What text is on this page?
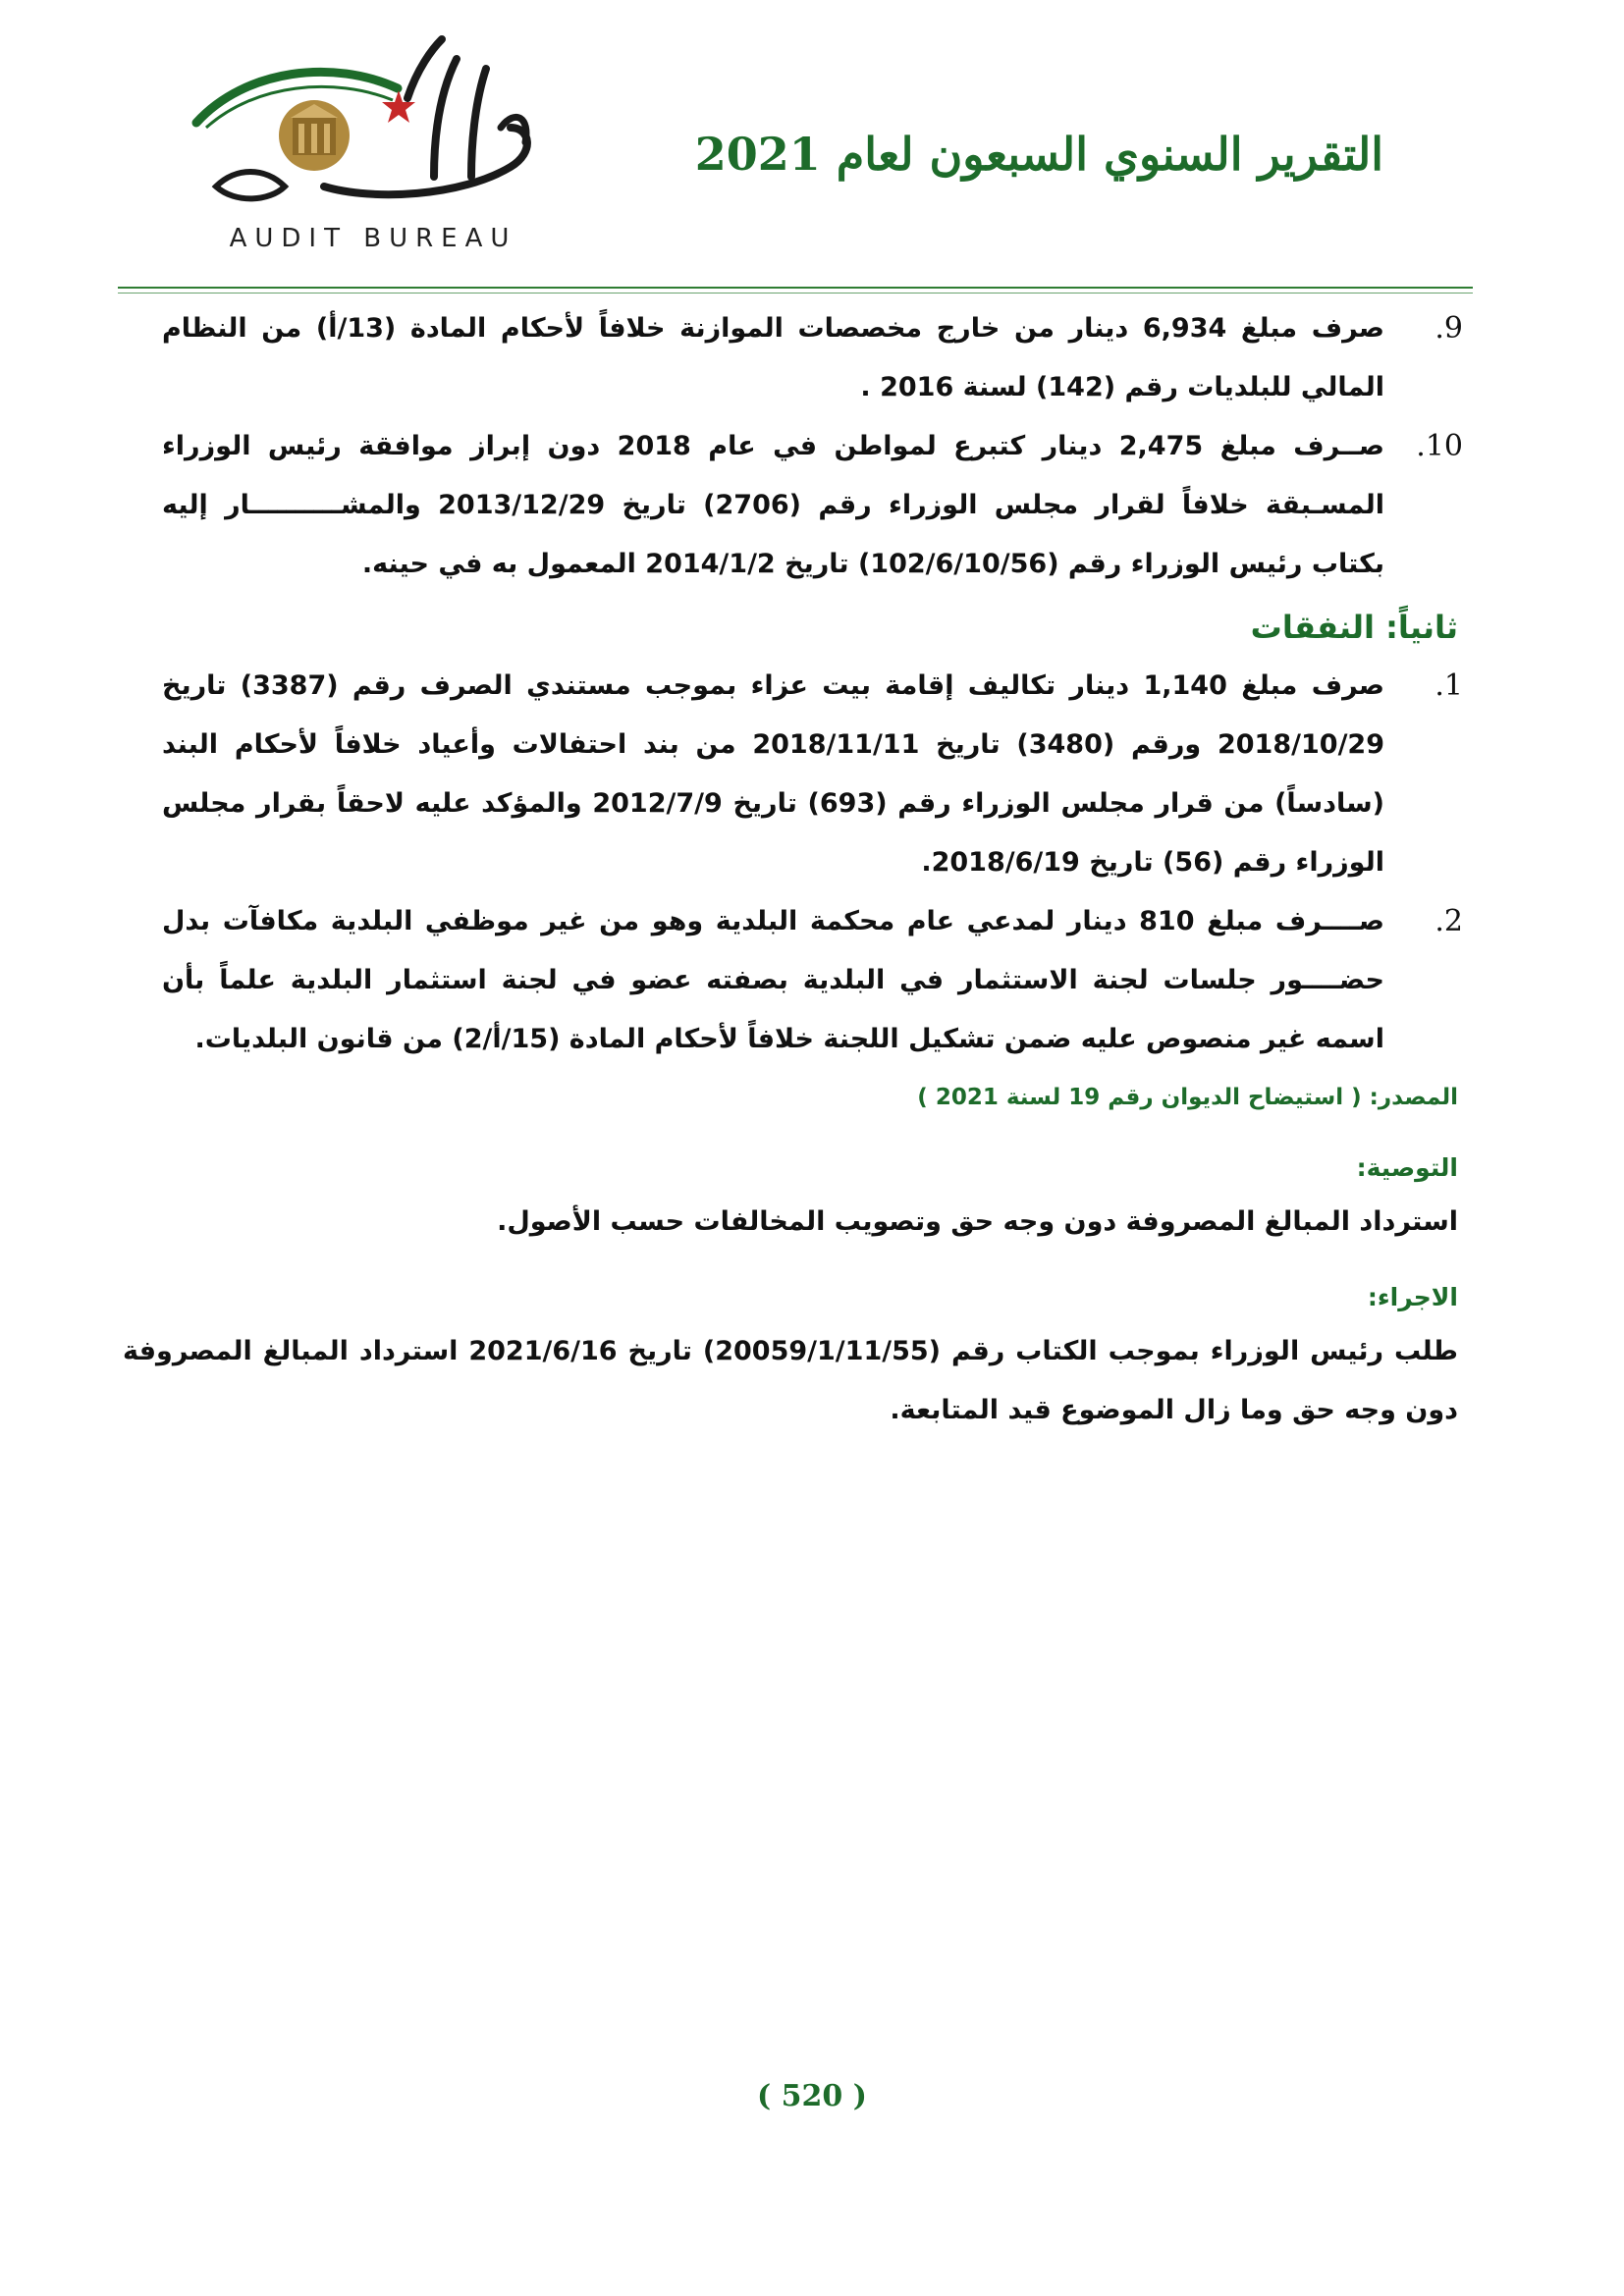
AUDIT BUREAU
التقرير السنوي السبعون لعام 2021
.9
صرف مبلغ 6,934 دينار من خارج مخصصات الموازنة خلافاً لأحكام المادة (13/أ) من النظام المالي للبلديات رقم (142) لسنة 2016 .
.10
صــرف مبلغ 2,475 دينار كتبرع لمواطن في عام 2018 دون إبراز موافقة رئيس الوزراء المسـبقة خلافاً لقرار مجلس الوزراء رقم (2706) تاريخ 2013/12/29 والمشــــــــــار إليه بكتاب رئيس الوزراء رقم (102/6/10/56) تاريخ 2014/1/2 المعمول به في حينه.
ثانياً: النفقات
.1
صرف مبلغ 1,140 دينار تكاليف إقامة بيت عزاء بموجب مستندي الصرف رقم (3387) تاريخ 2018/10/29 ورقم (3480) تاريخ 2018/11/11 من بند احتفالات وأعياد خلافاً لأحكام البند (سادساً) من قرار مجلس الوزراء رقم (693) تاريخ 2012/7/9 والمؤكد عليه لاحقاً بقرار مجلس الوزراء رقم (56) تاريخ 2018/6/19.
.2
صــــرف مبلغ 810 دينار لمدعي عام محكمة البلدية وهو من غير موظفي البلدية مكافآت بدل حضــــور جلسات لجنة الاستثمار في البلدية بصفته عضو في لجنة استثمار البلدية علماً بأن اسمه غير منصوص عليه ضمن تشكيل اللجنة خلافاً لأحكام المادة (15/أ/2) من قانون البلديات.
المصدر: ( استيضاح الديوان رقم 19 لسنة 2021 )
التوصية:
استرداد المبالغ المصروفة دون وجه حق وتصويب المخالفات حسب الأصول.
الاجراء:
طلب رئيس الوزراء بموجب الكتاب رقم (20059/1/11/55) تاريخ 2021/6/16 استرداد المبالغ المصروفة دون وجه حق وما زال الموضوع قيد المتابعة.
( 520 )
